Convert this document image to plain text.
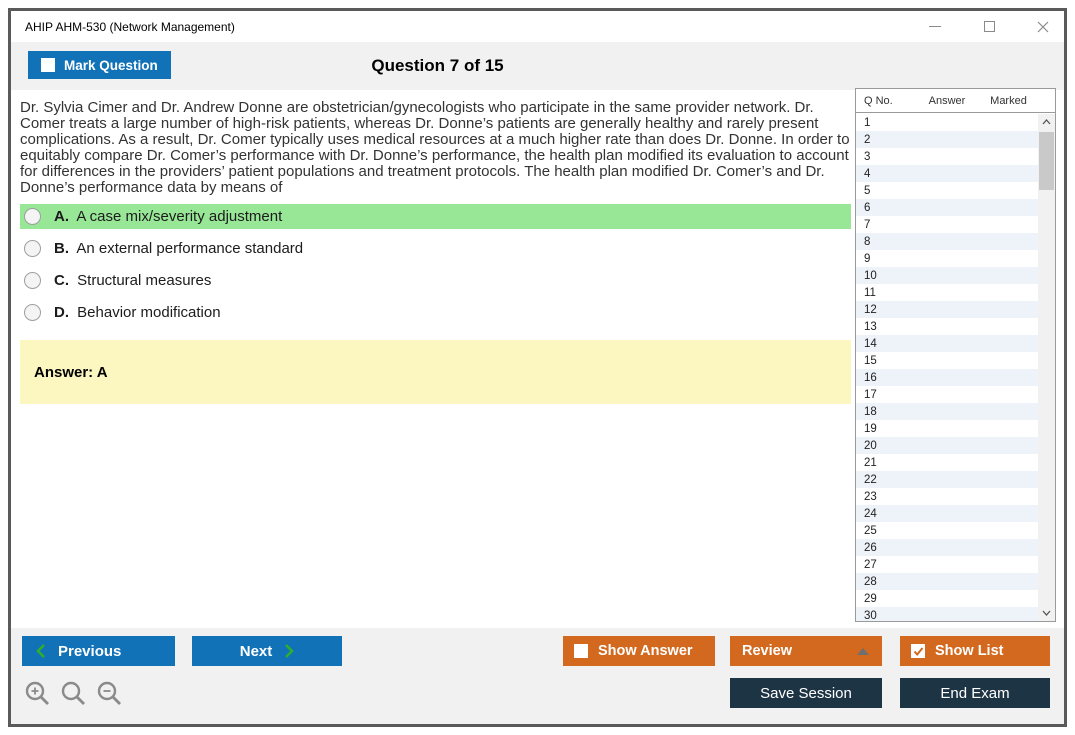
AHIP AHM-530 (Network Management)
Question 7 of 15
Mark Question
Dr. Sylvia Cimer and Dr. Andrew Donne are obstetrician/gynecologists who participate in the same provider network. Dr. Comer treats a large number of high-risk patients, whereas Dr. Donne’s patients are generally healthy and rarely present complications. As a result, Dr. Comer typically uses medical resources at a much higher rate than does Dr. Donne. In order to equitably compare Dr. Comer’s performance with Dr. Donne’s performance, the health plan modified its evaluation to account for differences in the providers’ patient populations and treatment protocols. The health plan modified Dr. Comer’s and Dr. Donne’s performance data by means of
A. A case mix/severity adjustment
B. An external performance standard
C. Structural measures
D. Behavior modification
Answer: A
Q No.	Answer	Marked
1
2
3
4
5
6
7
8
9
10
11
12
13
14
15
16
17
18
19
20
21
22
23
24
25
26
27
28
29
30
Previous	Next	Show Answer	Review	Show List
Save Session	End Exam
